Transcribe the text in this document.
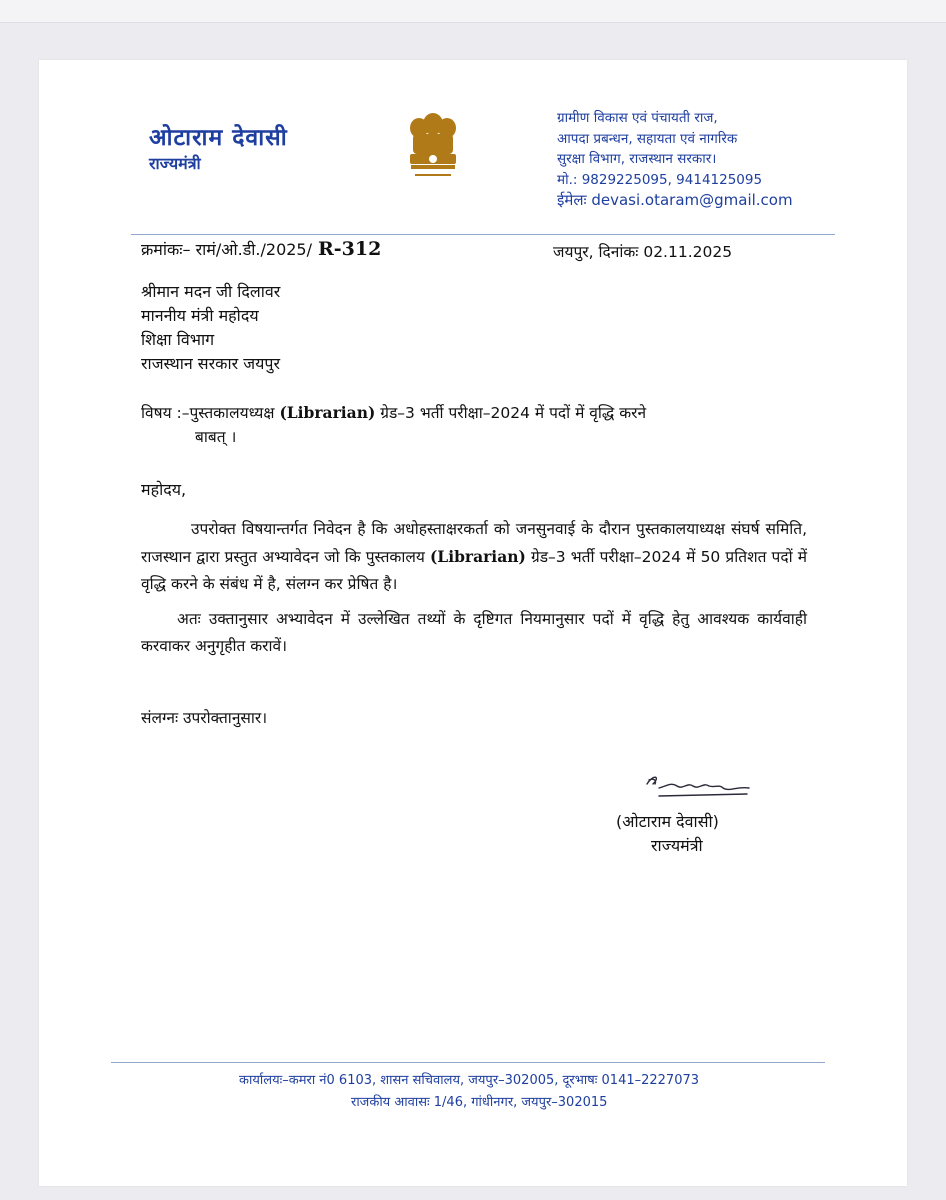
ओटाराम देवासी
राज्यमंत्री
ग्रामीण विकास एवं पंचायती राज,
आपदा प्रबन्धन, सहायता एवं नागरिक
सुरक्षा विभाग, राजस्थान सरकार।
मो.: 9829225095, 9414125095
ईमेलः devasi.otaram@gmail.com
क्रमांकः– रामं/ओ.डी./2025/ R-312	जयपुर, दिनांकः 02.11.2025
श्रीमान मदन जी दिलावर
माननीय मंत्री महोदय
शिक्षा विभाग
राजस्थान सरकार जयपुर
विषय :–पुस्तकालयध्यक्ष (Librarian) ग्रेड–3 भर्ती परीक्षा–2024 में पदों में वृद्धि करने
बाबत् ।
महोदय,

उपरोक्त विषयान्तर्गत निवेदन है कि अधोहस्ताक्षरकर्ता को जनसुनवाई के दौरान पुस्तकालयाध्यक्ष संघर्ष समिति, राजस्थान द्वारा प्रस्तुत अभ्यावेदन जो कि पुस्तकालय (Librarian) ग्रेड–3 भर्ती परीक्षा–2024 में 50 प्रतिशत पदों में वृद्धि करने के संबंध में है, संलग्न कर प्रेषित है।

अतः उक्तानुसार अभ्यावेदन में उल्लेखित तथ्यों के दृष्टिगत नियमानुसार पदों में वृद्धि हेतु आवश्यक कार्यवाही करवाकर अनुगृहीत करावें।

संलग्नः उपरोक्तानुसार।
(ओटाराम देवासी)
राज्यमंत्री
कार्यालयः–कमरा नं0 6103, शासन सचिवालय, जयपुर–302005, दूरभाषः 0141–2227073
राजकीय आवासः 1/46, गांधीनगर, जयपुर–302015
